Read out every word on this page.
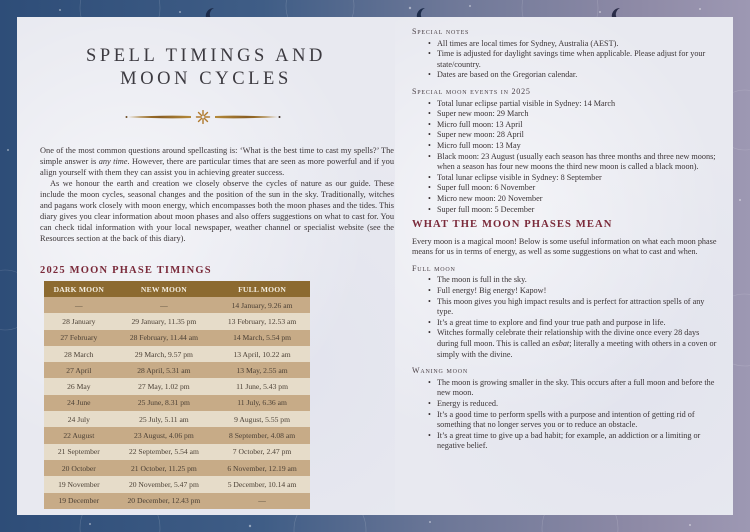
SPELL TIMINGS AND
MOON CYCLES

One of the most common questions around spellcasting is: ‘What is the best time to cast my spells?’ The simple answer is any time. However, there are particular times that are seen as more powerful and if you align yourself with them they can assist you in achieving greater success.

As we honour the earth and creation we closely observe the cycles of nature as our guide. These include the moon cycles, seasonal changes and the position of the sun in the sky. Traditionally, witches and pagans work closely with moon energy, which encompasses both the moon phases and the tides. This diary gives you clear information about moon phases and also offers suggestions on what to cast for. You can check tidal information with your local newspaper, weather channel or specialist website (see the Resources section at the back of this diary).

2025 MOON PHASE TIMINGS
DARK MOON	NEW MOON	FULL MOON
—	—	14 January, 9.26 am
28 January	29 January, 11.35 pm	13 February, 12.53 am
27 February	28 February, 11.44 am	14 March, 5.54 pm
28 March	29 March, 9.57 pm	13 April, 10.22 am
27 April	28 April, 5.31 am	13 May, 2.55 am
26 May	27 May, 1.02 pm	11 June, 5.43 pm
24 June	25 June, 8.31 pm	11 July, 6.36 am
24 July	25 July, 5.11 am	9 August, 5.55 pm
22 August	23 August, 4.06 pm	8 September, 4.08 am
21 September	22 September, 5.54 am	7 October, 2.47 pm
20 October	21 October, 11.25 pm	6 November, 12.19 am
19 November	20 November, 5.47 pm	5 December, 10.14 am
19 December	20 December, 12.43 pm	—
Special notes
• All times are local times for Sydney, Australia (AEST).
• Time is adjusted for daylight savings time when applicable. Please adjust for your state/country.
• Dates are based on the Gregorian calendar.
Special moon events in 2025
• Total lunar eclipse partial visible in Sydney: 14 March
• Super new moon: 29 March
• Micro full moon: 13 April
• Super new moon: 28 April
• Micro full moon: 13 May
• Black moon: 23 August (usually each season has three months and three new moons; when a season has four new moons the third new moon is called a black moon).
• Total lunar eclipse visible in Sydney: 8 September
• Super full moon: 6 November
• Micro new moon: 20 November
• Super full moon: 5 December
WHAT THE MOON PHASES MEAN

Every moon is a magical moon! Below is some useful information on what each moon phase means for us in terms of energy, as well as some suggestions on what to cast and when.

Full moon
• The moon is full in the sky.
• Full energy! Big energy! Kapow!
• This moon gives you high impact results and is perfect for attraction spells of any type.
• It’s a great time to explore and find your true path and purpose in life.
• Witches formally celebrate their relationship with the divine once every 28 days during full moon. This is called an esbat; literally a meeting with others in a coven or simply with the divine.
Waning moon
• The moon is growing smaller in the sky. This occurs after a full moon and before the new moon.
• Energy is reduced.
• It’s a good time to perform spells with a purpose and intention of getting rid of something that no longer serves you or to reduce an obstacle.
• It’s a great time to give up a bad habit; for example, an addiction or a limiting or negative belief.
